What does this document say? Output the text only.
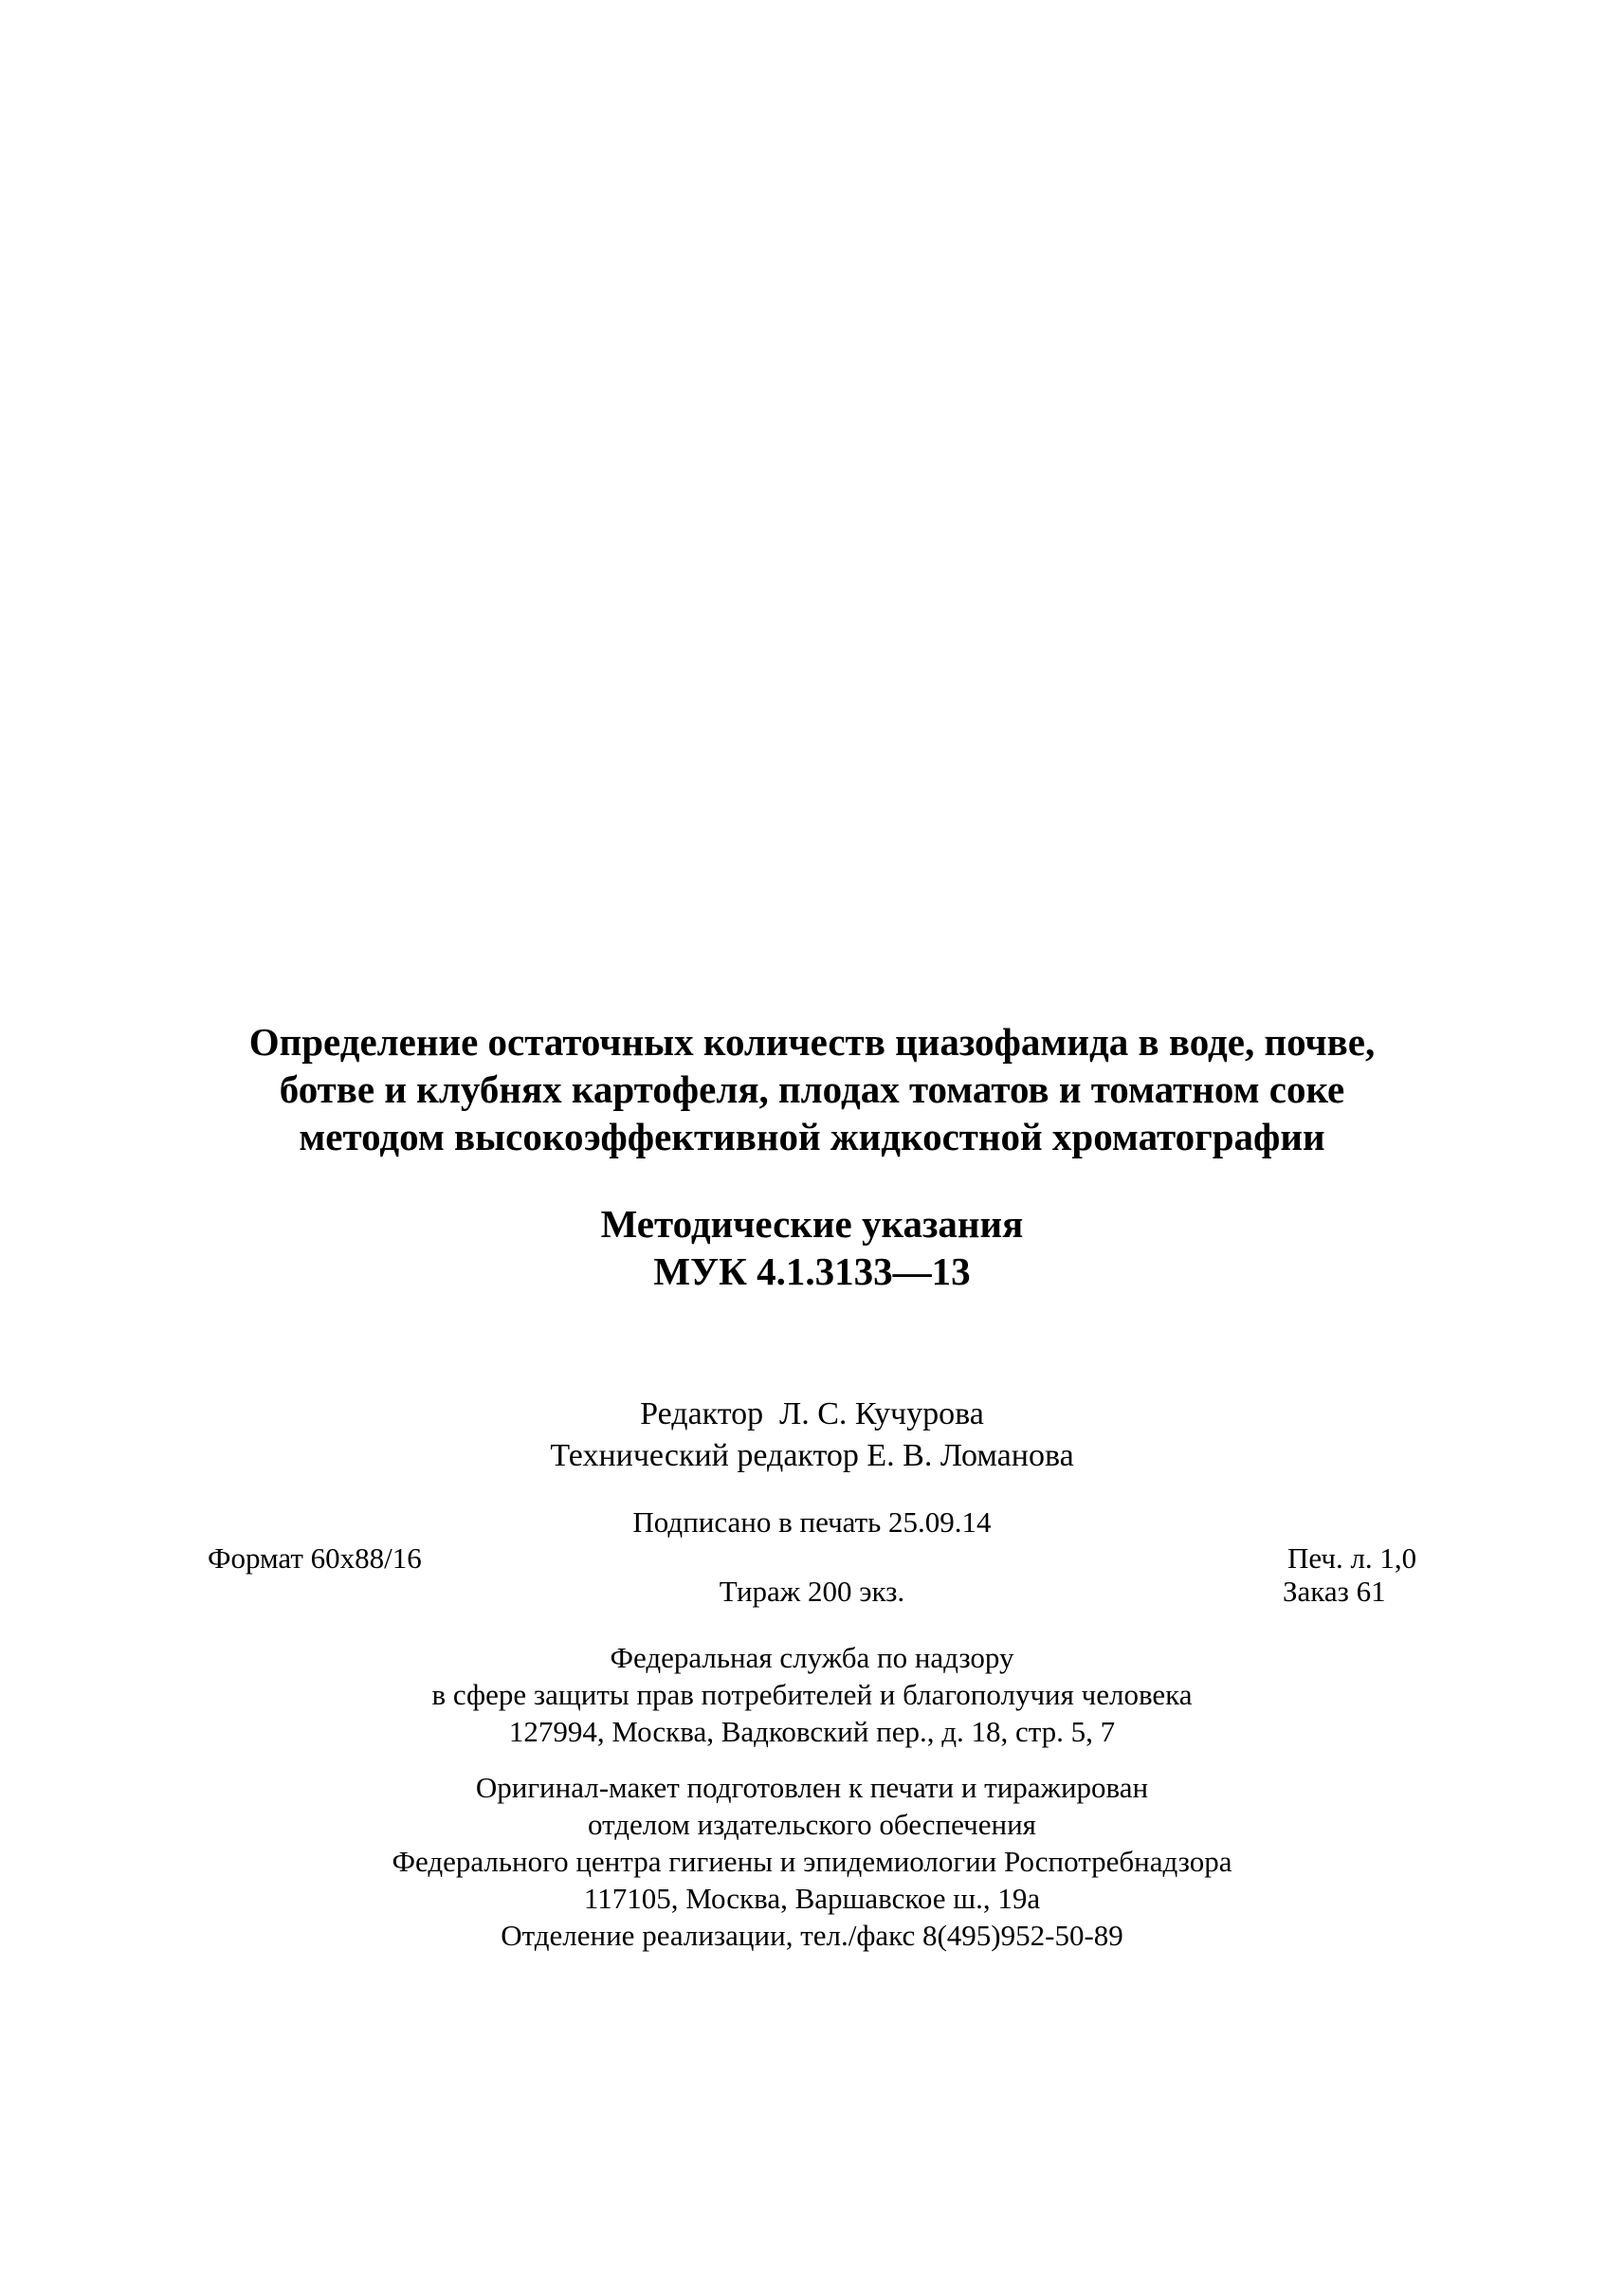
Определение остаточных количеств циазофамида в воде, почве,
ботве и клубнях картофеля, плодах томатов и томатном соке
методом высокоэффективной жидкостной хроматографии
Методические указания
МУК 4.1.3133—13
Редактор  Л. С. Кучурова
Технический редактор Е. В. Ломанова
Подписано в печать 25.09.14
Формат 60x88/16	Печ. л. 1,0
Тираж 200 экз.	Заказ 61
Федеральная служба по надзору
в сфере защиты прав потребителей и благополучия человека
127994, Москва, Вадковский пер., д. 18, стр. 5, 7
Оригинал-макет подготовлен к печати и тиражирован
отделом издательского обеспечения
Федерального центра гигиены и эпидемиологии Роспотребнадзора
117105, Москва, Варшавское ш., 19а
Отделение реализации, тел./факс 8(495)952-50-89
